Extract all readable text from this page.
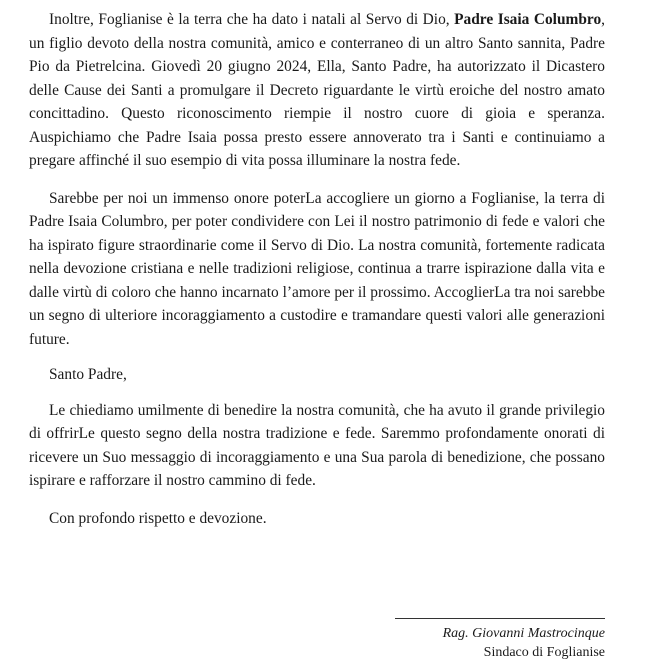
Inoltre, Foglianise è la terra che ha dato i natali al Servo di Dio, Padre Isaia Columbro, un figlio devoto della nostra comunità, amico e conterraneo di un altro Santo sannita, Padre Pio da Pietrelcina. Giovedì 20 giugno 2024, Ella, Santo Padre, ha autorizzato il Dicastero delle Cause dei Santi a promulgare il Decreto riguardante le virtù eroiche del nostro amato concittadino. Questo riconoscimento riempie il nostro cuore di gioia e speranza. Auspichiamo che Padre Isaia possa presto essere annoverato tra i Santi e continuiamo a pregare affinché il suo esempio di vita possa illuminare la nostra fede.

Sarebbe per noi un immenso onore poterLa accogliere un giorno a Foglianise, la terra di Padre Isaia Columbro, per poter condividere con Lei il nostro patrimonio di fede e valori che ha ispirato figure straordinarie come il Servo di Dio. La nostra comunità, fortemente radicata nella devozione cristiana e nelle tradizioni religiose, continua a trarre ispirazione dalla vita e dalle virtù di coloro che hanno incarnato l’amore per il prossimo. AccoglierLa tra noi sarebbe un segno di ulteriore incoraggiamento a custodire e tramandare questi valori alle generazioni future.

Santo Padre,

Le chiediamo umilmente di benedire la nostra comunità, che ha avuto il grande privilegio di offrirLe questo segno della nostra tradizione e fede. Saremmo profondamente onorati di ricevere un Suo messaggio di incoraggiamento e una Sua parola di benedizione, che possano ispirare e rafforzare il nostro cammino di fede.

Con profondo rispetto e devozione.

Rag. Giovanni Mastrocinque
Sindaco di Foglianise
